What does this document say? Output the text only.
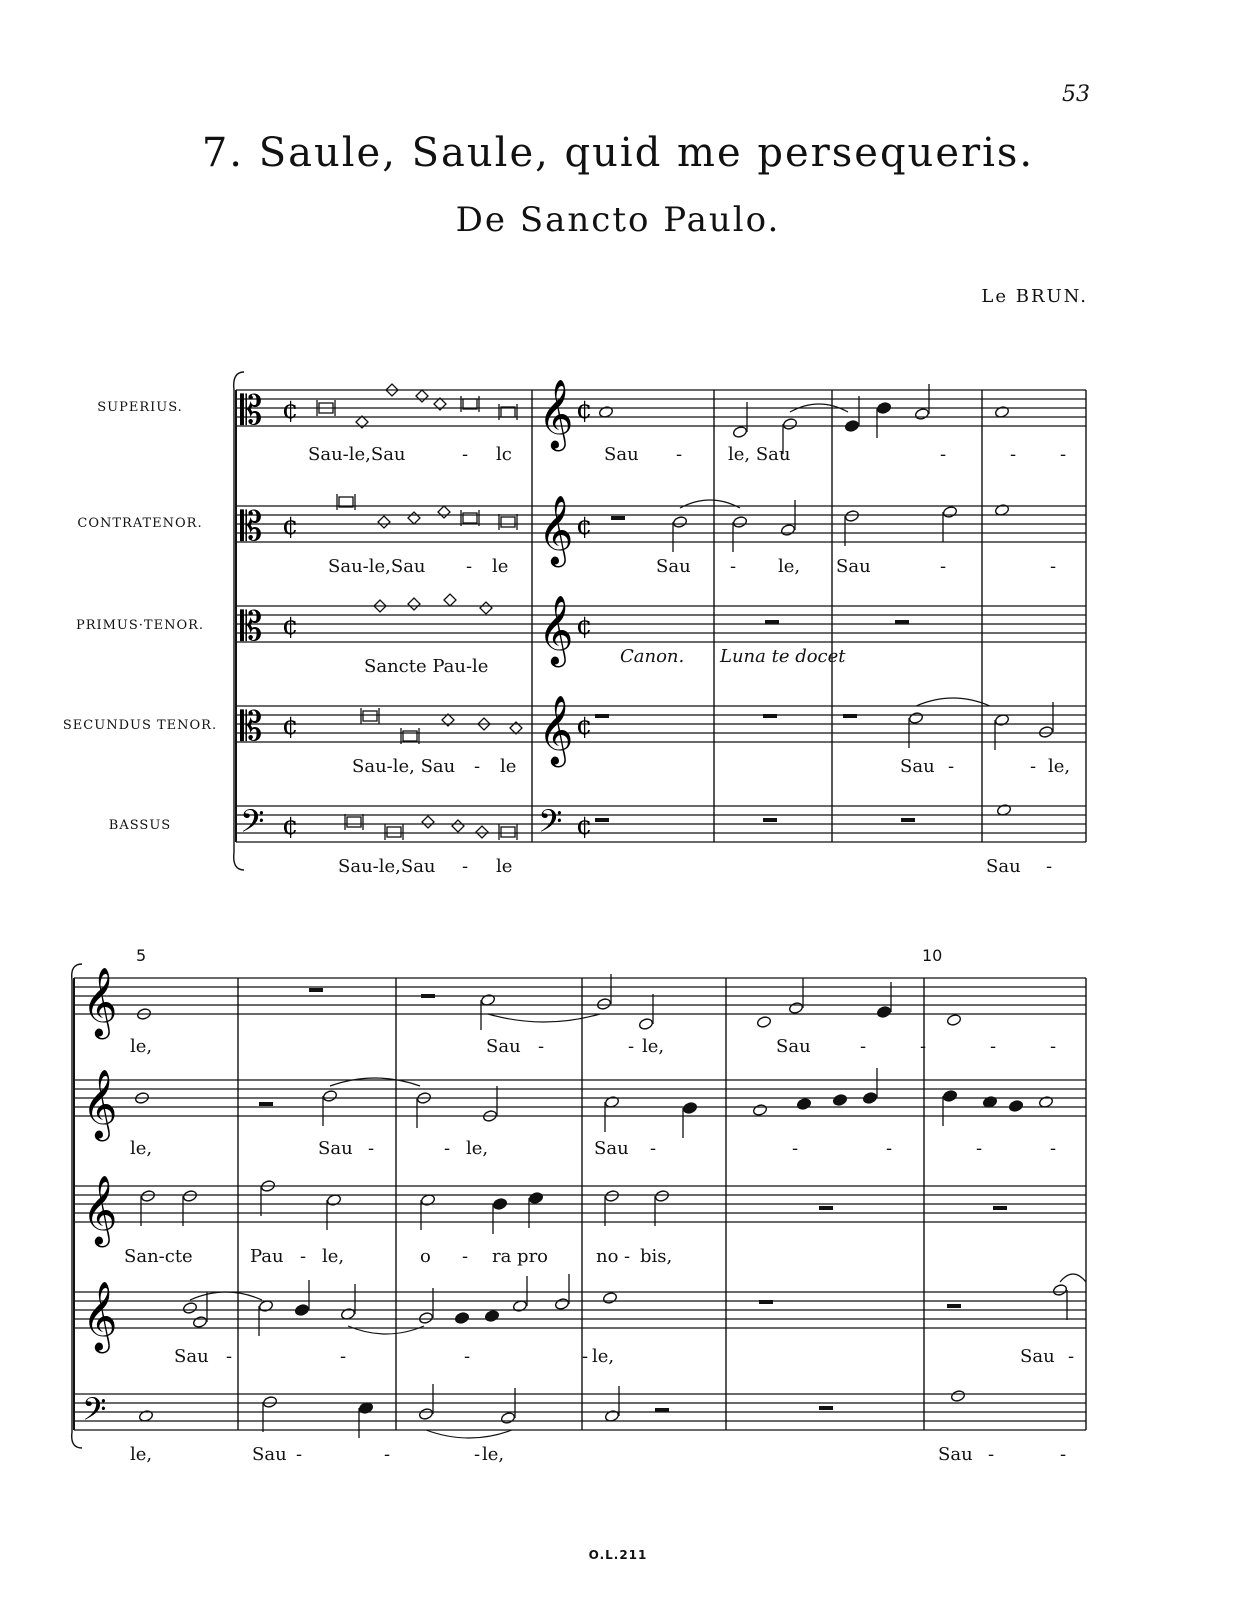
𝄡 ¢	𝄞 ¢
𝄡 ¢	𝄞 ¢
𝄡 ¢	𝄞 ¢
𝄡 ¢	𝄞 ¢
𝄢 ¢	𝄢 ¢
𝄞
𝄞
𝄞
𝄞
𝄢
53
7. Saule, Saule, quid me persequeris.
De Sancto Paulo.
Le BRUN.
SUPERIUS.
CONTRATENOR.
PRIMUS·TENOR.
SECUNDUS TENOR.
BASSUS
Sau-le,Sau	- lc	Sau -	le, Sau	-	- -
Sau-le,Sau - le	Sau - le, Sau	-	-
Sancte Pau-le	Canon. Luna te docet
Sau-le, Sau - le	Sau -	- le,
Sau-le,Sau - le	Sau -
5	10
le,	Sau -	- le,	Sau	-	-	-	-
le,	Sau -	- le,	Sau -	-	-	-	-
San-cte	Pau - le,	o - ra pro	no - bis,
Sau -	-	-	- le,	Sau -
le,	Sau -	-	- le,	Sau -	-
O.L.211
